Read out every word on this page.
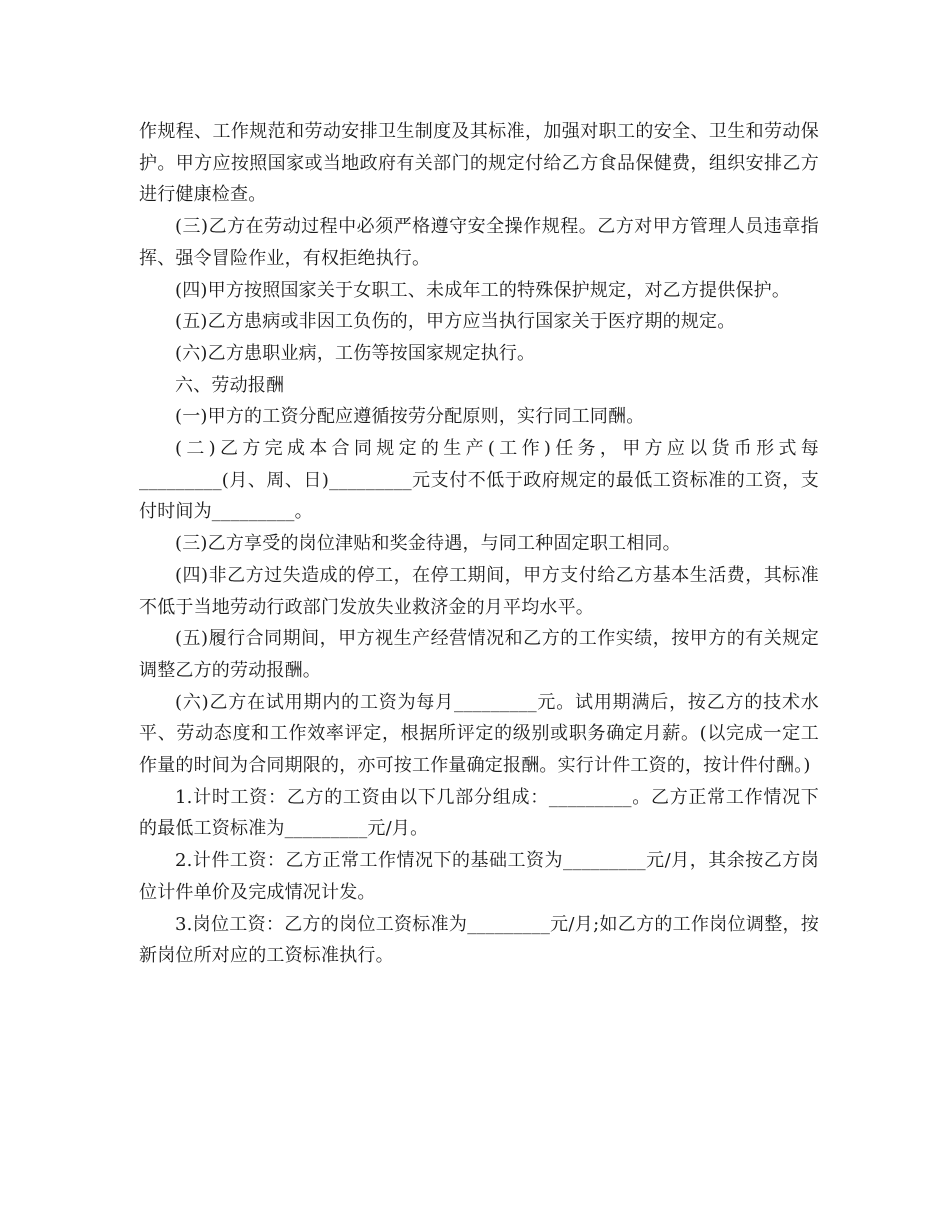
作规程、工作规范和劳动安排卫生制度及其标准，加强对职工的安全、卫生和劳动保护。甲方应按照国家或当地政府有关部门的规定付给乙方食品保健费，组织安排乙方进行健康检查。

(三)乙方在劳动过程中必须严格遵守安全操作规程。乙方对甲方管理人员违章指挥、强令冒险作业，有权拒绝执行。

(四)甲方按照国家关于女职工、未成年工的特殊保护规定，对乙方提供保护。

(五)乙方患病或非因工负伤的，甲方应当执行国家关于医疗期的规定。

(六)乙方患职业病，工伤等按国家规定执行。

六、劳动报酬

(一)甲方的工资分配应遵循按劳分配原则，实行同工同酬。

(二)乙方完成本合同规定的生产(工作)任务，甲方应以货币形式每_________(月、周、日)_________元支付不低于政府规定的最低工资标准的工资，支付时间为_________。

(三)乙方享受的岗位津贴和奖金待遇，与同工种固定职工相同。

(四)非乙方过失造成的停工，在停工期间，甲方支付给乙方基本生活费，其标准不低于当地劳动行政部门发放失业救济金的月平均水平。

(五)履行合同期间，甲方视生产经营情况和乙方的工作实绩，按甲方的有关规定调整乙方的劳动报酬。

(六)乙方在试用期内的工资为每月_________元。试用期满后，按乙方的技术水平、劳动态度和工作效率评定，根据所评定的级别或职务确定月薪。(以完成一定工作量的时间为合同期限的，亦可按工作量确定报酬。实行计件工资的，按计件付酬。)

1.计时工资：乙方的工资由以下几部分组成：_________。乙方正常工作情况下的最低工资标准为_________元/月。

2.计件工资：乙方正常工作情况下的基础工资为_________元/月，其余按乙方岗位计件单价及完成情况计发。

3.岗位工资：乙方的岗位工资标准为_________元/月;如乙方的工作岗位调整，按新岗位所对应的工资标准执行。
